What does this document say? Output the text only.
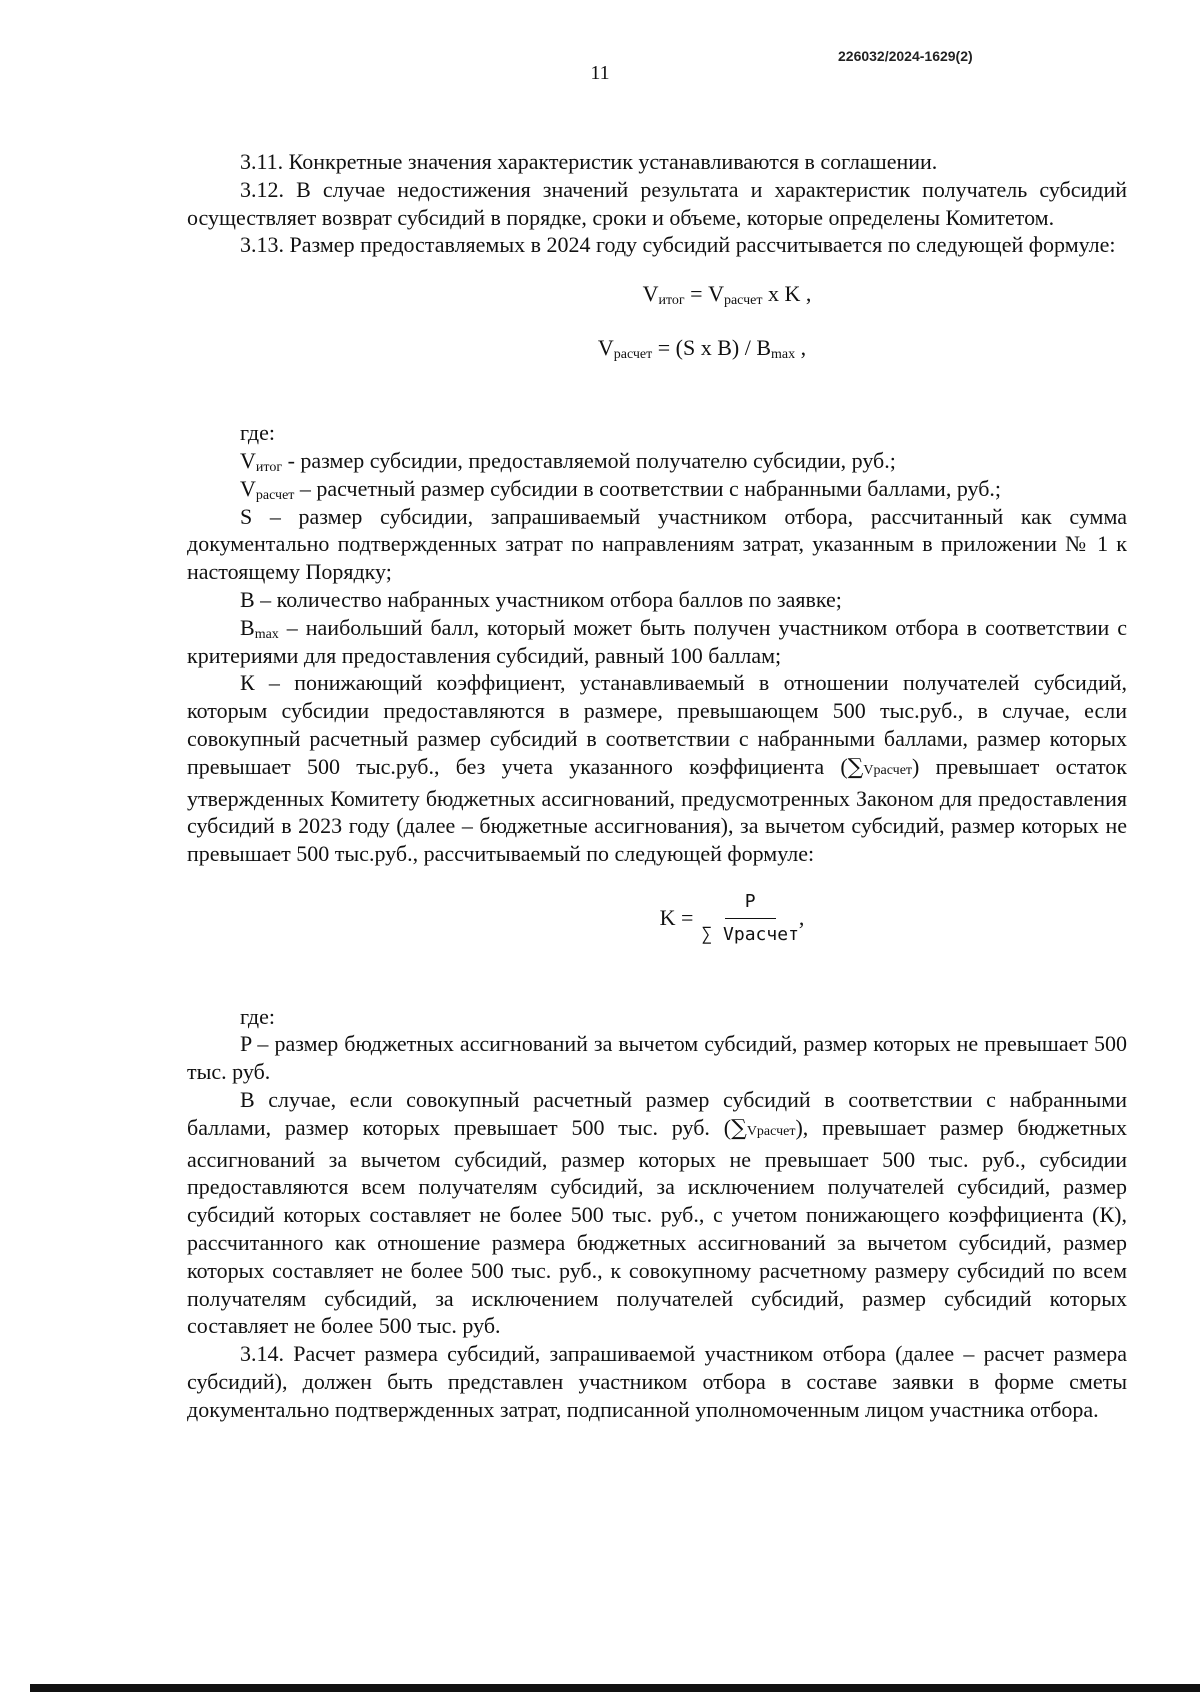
226032/2024-1629(2)
11

3.11. Конкретные значения характеристик устанавливаются в соглашении.

3.12. В случае недостижения значений результата и характеристик получатель субсидий осуществляет возврат субсидий в порядке, сроки и объеме, которые определены Комитетом.

3.13. Размер предоставляемых в 2024 году субсидий рассчитывается по следующей формуле:

$V_{итог} = V_{расчет}$ x K ,
$V_{расчет} = (S$ x $B) / B_{max}$ ,

где:

$V_{итог}$ - размер субсидии, предоставляемой получателю субсидии, руб.;

$V_{расчет}$ – расчетный размер субсидии в соответствии с набранными баллами, руб.;

S – размер субсидии, запрашиваемый участником отбора, рассчитанный как сумма документально подтвержденных затрат по направлениям затрат, указанным в приложении № 1 к настоящему Порядку;

B – количество набранных участником отбора баллов по заявке;

$B_{max}$ – наибольший балл, который может быть получен участником отбора в соответствии с критериями для предоставления субсидий, равный 100 баллам;

К – понижающий коэффициент, устанавливаемый в отношении получателей субсидий, которым субсидии предоставляются в размере, превышающем 500 тыс.руб., в случае, если совокупный расчетный размер субсидий в соответствии с набранными баллами, размер которых превышает 500 тыс.руб., без учета указанного коэффициента (∑Vрасчет) превышает остаток утвержденных Комитету бюджетных ассигнований, предусмотренных Законом для предоставления субсидий в 2023 году (далее – бюджетные ассигнования), за вычетом субсидий, размер которых не превышает 500 тыс.руб., рассчитываемый по следующей формуле:

$K = \frac{P}{\text{∑ Vрасчет}}$ ,

где:

P – размер бюджетных ассигнований за вычетом субсидий, размер которых не превышает 500 тыс. руб.

В случае, если совокупный расчетный размер субсидий в соответствии с набранными баллами, размер которых превышает 500 тыс. руб. (∑Vрасчет), превышает размер бюджетных ассигнований за вычетом субсидий, размер которых не превышает 500 тыс. руб., субсидии предоставляются всем получателям субсидий, за исключением получателей субсидий, размер субсидий которых составляет не более 500 тыс. руб., с учетом понижающего коэффициента (К), рассчитанного как отношение размера бюджетных ассигнований за вычетом субсидий, размер которых составляет не более 500 тыс. руб., к совокупному расчетному размеру субсидий по всем получателям субсидий, за исключением получателей субсидий, размер субсидий которых составляет не более 500 тыс. руб.

3.14. Расчет размера субсидий, запрашиваемой участником отбора (далее – расчет размера субсидий), должен быть представлен участником отбора в составе заявки в форме сметы документально подтвержденных затрат, подписанной уполномоченным лицом участника отбора.
